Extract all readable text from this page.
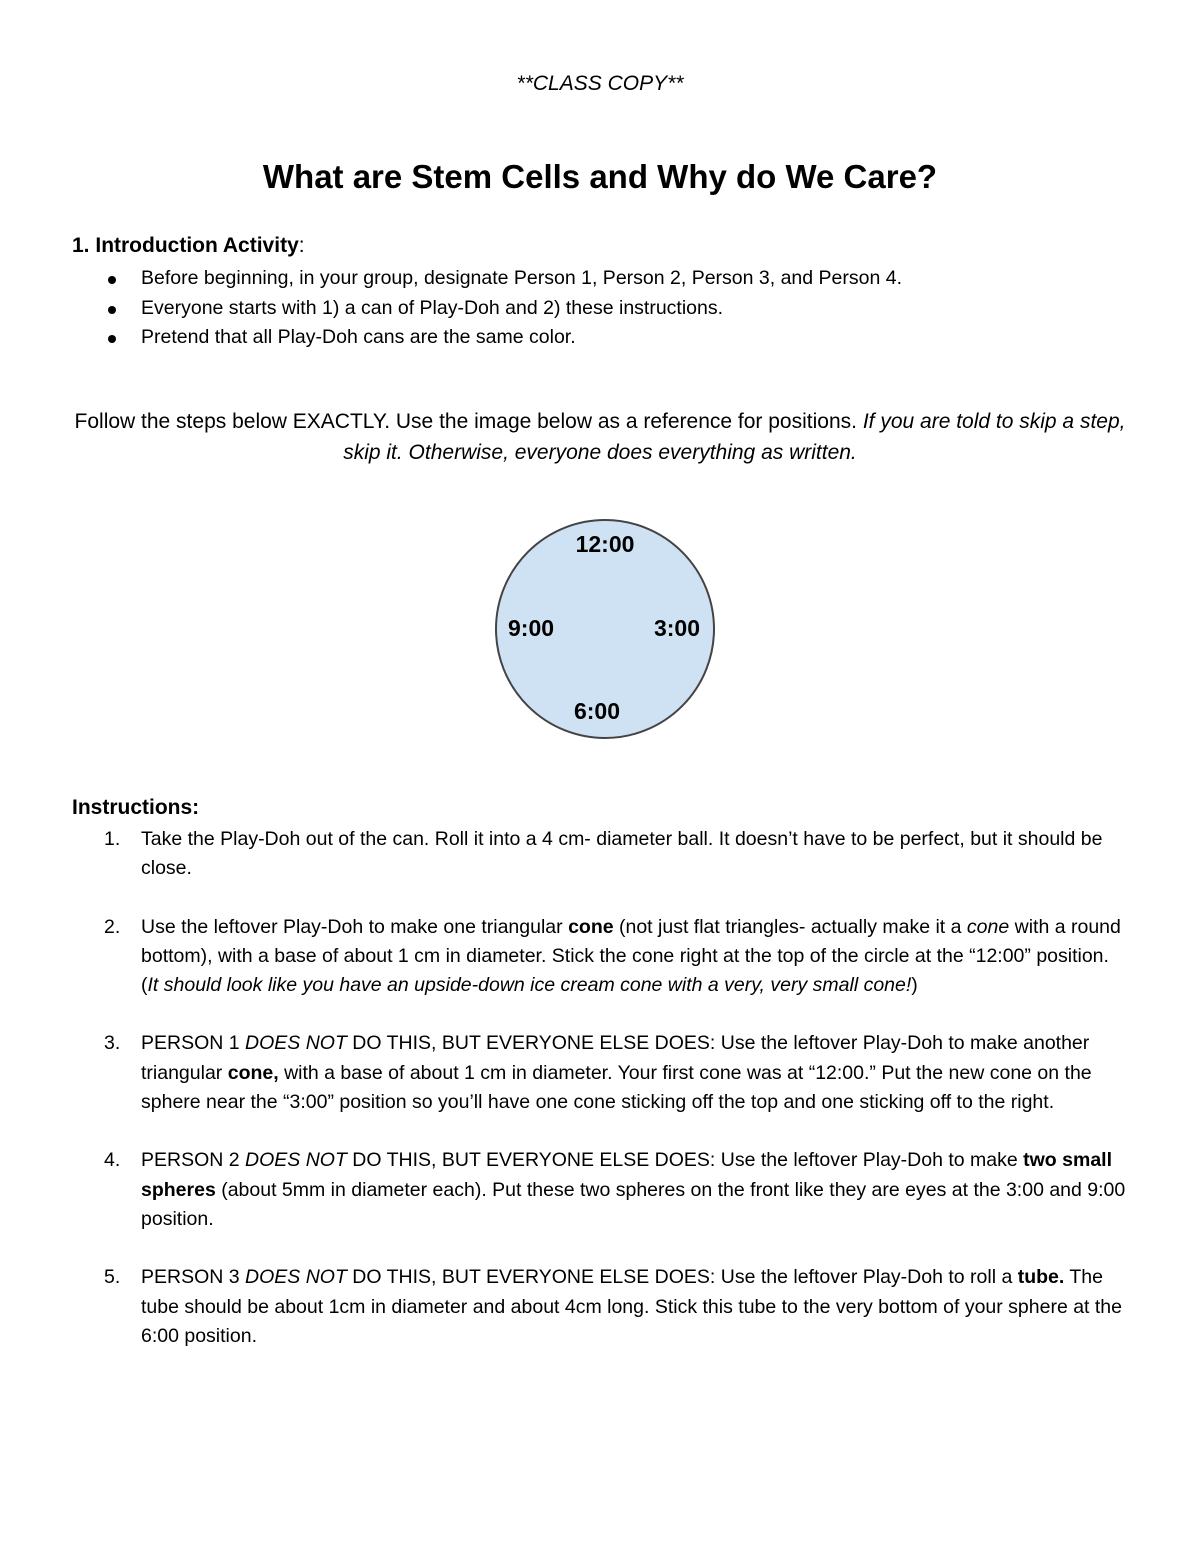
**CLASS COPY**
What are Stem Cells and Why do We Care?
1. Introduction Activity:
Before beginning, in your group, designate Person 1, Person 2, Person 3, and Person 4.
Everyone starts with 1) a can of Play-Doh and 2) these instructions.
Pretend that all Play-Doh cans are the same color.
Follow the steps below EXACTLY. Use the image below as a reference for positions. If you are told to skip a step, skip it. Otherwise, everyone does everything as written.
12:00
3:00
6:00
9:00
Instructions:
1. Take the Play-Doh out of the can. Roll it into a 4 cm- diameter ball. It doesn’t have to be perfect, but it should be close.
2. Use the leftover Play-Doh to make one triangular cone (not just flat triangles- actually make it a cone with a round bottom), with a base of about 1 cm in diameter. Stick the cone right at the top of the circle at the “12:00” position. (It should look like you have an upside-down ice cream cone with a very, very small cone!)
3. PERSON 1 DOES NOT DO THIS, BUT EVERYONE ELSE DOES: Use the leftover Play-Doh to make another triangular cone, with a base of about 1 cm in diameter. Your first cone was at “12:00.” Put the new cone on the sphere near the “3:00” position so you’ll have one cone sticking off the top and one sticking off to the right.
4. PERSON 2 DOES NOT DO THIS, BUT EVERYONE ELSE DOES: Use the leftover Play-Doh to make two small spheres (about 5mm in diameter each). Put these two spheres on the front like they are eyes at the 3:00 and 9:00 position.
5. PERSON 3 DOES NOT DO THIS, BUT EVERYONE ELSE DOES: Use the leftover Play-Doh to roll a tube. The tube should be about 1cm in diameter and about 4cm long. Stick this tube to the very bottom of your sphere at the 6:00 position.
